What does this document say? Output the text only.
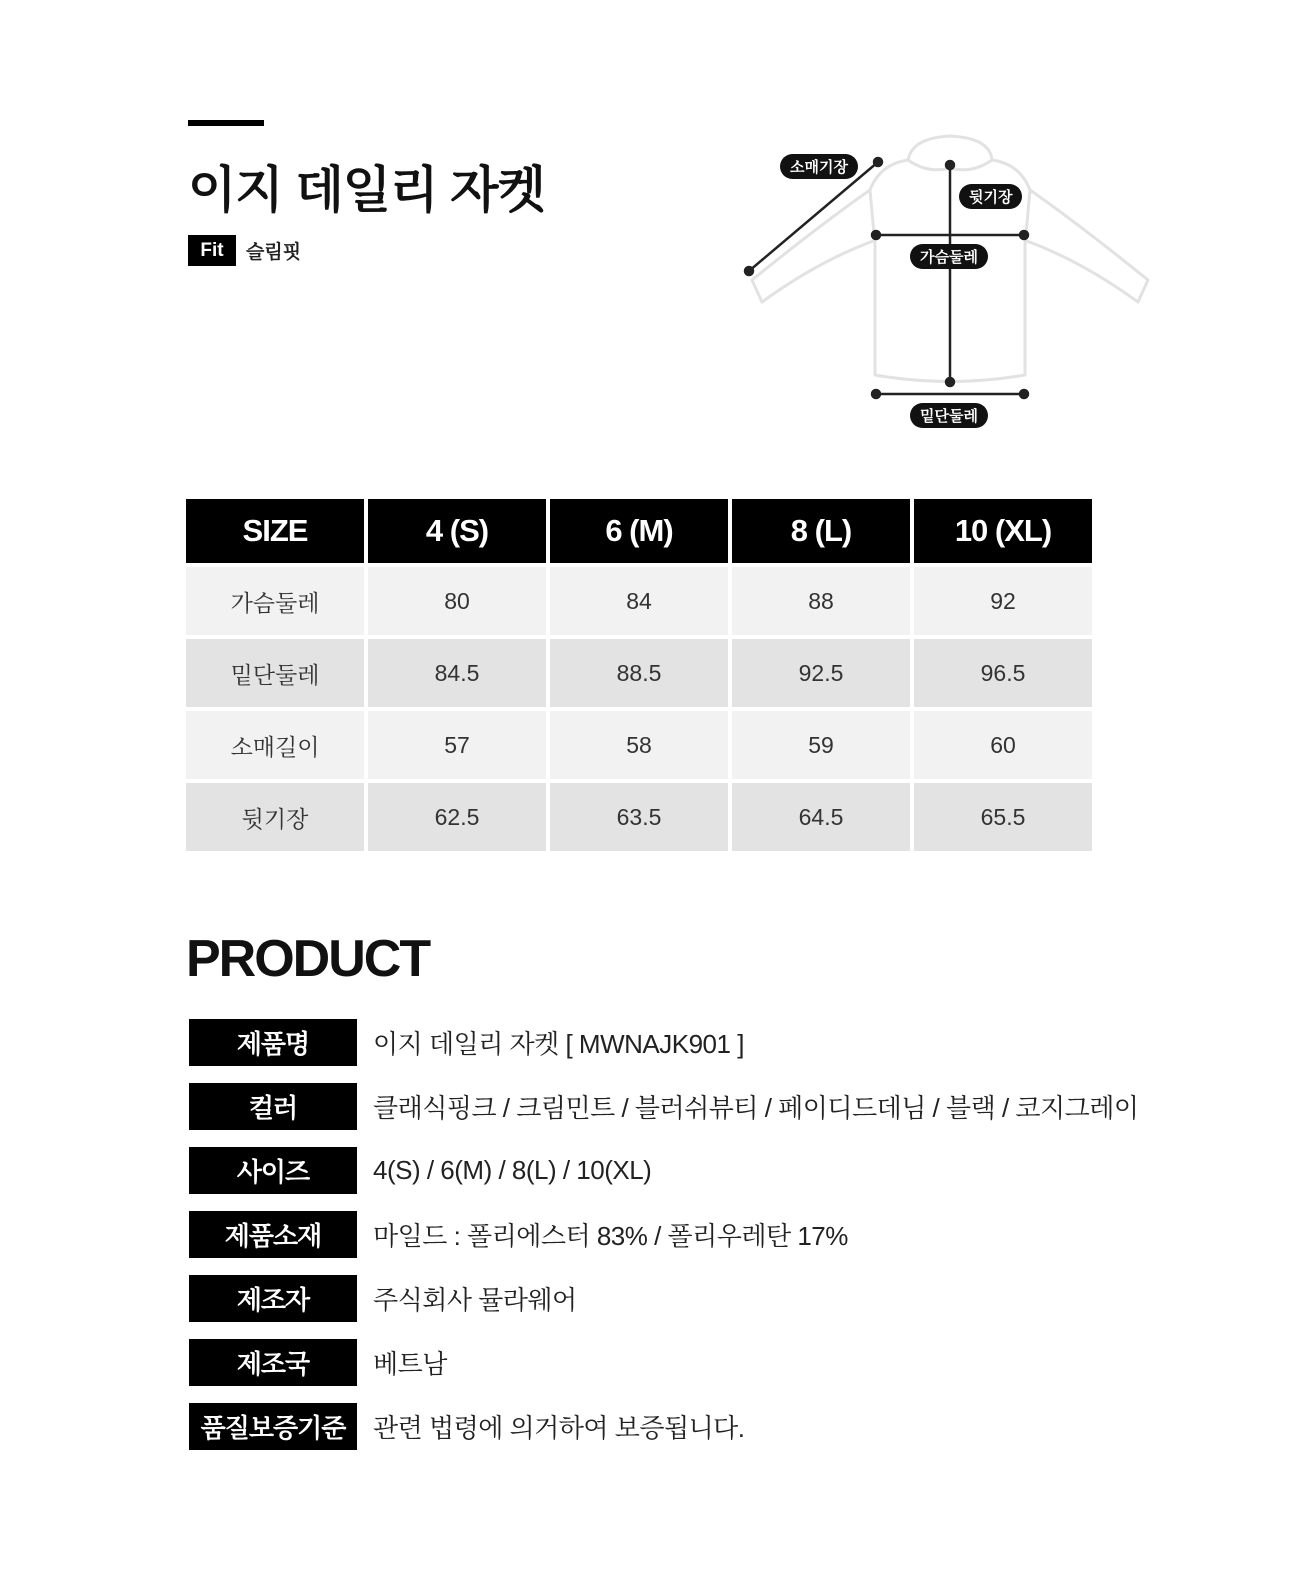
이지 데일리 자켓
Fit	슬림핏
소매기장
뒷기장
가슴둘레
밑단둘레
SIZE	4 (S)	6 (M)	8 (L)	10 (XL)
가슴둘레	80	84	88	92
밑단둘레	84.5	88.5	92.5	96.5
소매길이	57	58	59	60
뒷기장	62.5	63.5	64.5	65.5
PRODUCT
제품명	이지 데일리 자켓 [ MWNAJK901 ]
컬러	클래식핑크 / 크림민트 / 블러쉬뷰티 / 페이디드데님 / 블랙 / 코지그레이
사이즈	4(S) / 6(M) / 8(L) / 10(XL)
제품소재	마일드 : 폴리에스터 83% / 폴리우레탄 17%
제조자	주식회사 뮬라웨어
제조국	베트남
품질보증기준	관련 법령에 의거하여 보증됩니다.
